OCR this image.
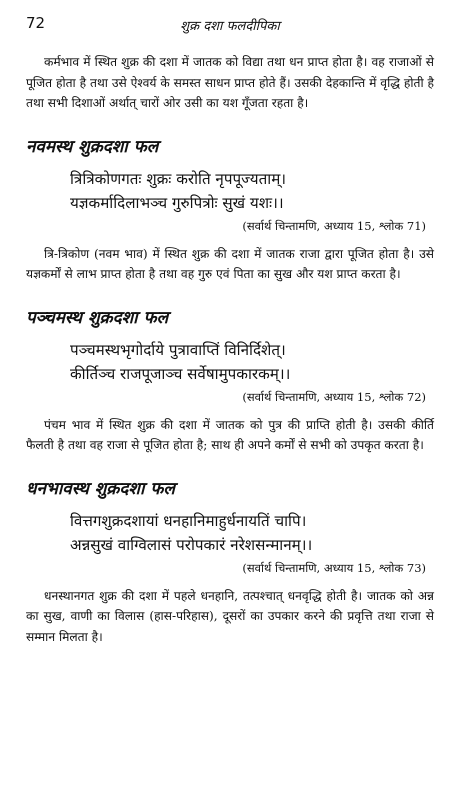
72	शुक्र दशा फलदीपिका

कर्मभाव में स्थित शुक्र की दशा में जातक को विद्या तथा धन प्राप्त होता है। वह राजाओं से पूजित होता है तथा उसे ऐश्वर्य के समस्त साधन प्राप्त होते हैं। उसकी देहकान्ति में वृद्धि होती है तथा सभी दिशाओं अर्थात् चारों ओर उसी का यश गूँजता रहता है।

नवमस्थ शुक्रदशा फल
त्रित्रिकोणगतः शुक्रः करोति नृपपूज्यताम्।
यज्ञकर्मादिलाभञ्च गुरुपित्रोः सुखं यशः।।
(सर्वार्थ चिन्तामणि, अध्याय 15, श्लोक 71)

त्रि-त्रिकोण (नवम भाव) में स्थित शुक्र की दशा में जातक राजा द्वारा पूजित होता है। उसे यज्ञकर्मों से लाभ प्राप्त होता है तथा वह गुरु एवं पिता का सुख और यश प्राप्त करता है।

पञ्चमस्थ शुक्रदशा फल
पञ्चमस्थभृगोर्दाये पुत्रावाप्तिं विनिर्दिशेत्।
कीर्तिञ्च राजपूजाञ्च सर्वेषामुपकारकम्।।
(सर्वार्थ चिन्तामणि, अध्याय 15, श्लोक 72)

पंचम भाव में स्थित शुक्र की दशा में जातक को पुत्र की प्राप्ति होती है। उसकी कीर्ति फैलती है तथा वह राजा से पूजित होता है; साथ ही अपने कर्मों से सभी को उपकृत करता है।

धनभावस्थ शुक्रदशा फल
वित्तगशुक्रदशायां धनहानिमाहुर्धनायतिं चापि।
अन्नसुखं वाग्विलासं परोपकारं नरेशसन्मानम्।।
(सर्वार्थ चिन्तामणि, अध्याय 15, श्लोक 73)

धनस्थानगत शुक्र की दशा में पहले धनहानि, तत्पश्चात् धनवृद्धि होती है। जातक को अन्न का सुख, वाणी का विलास (हास-परिहास), दूसरों का उपकार करने की प्रवृत्ति तथा राजा से सम्मान मिलता है।
